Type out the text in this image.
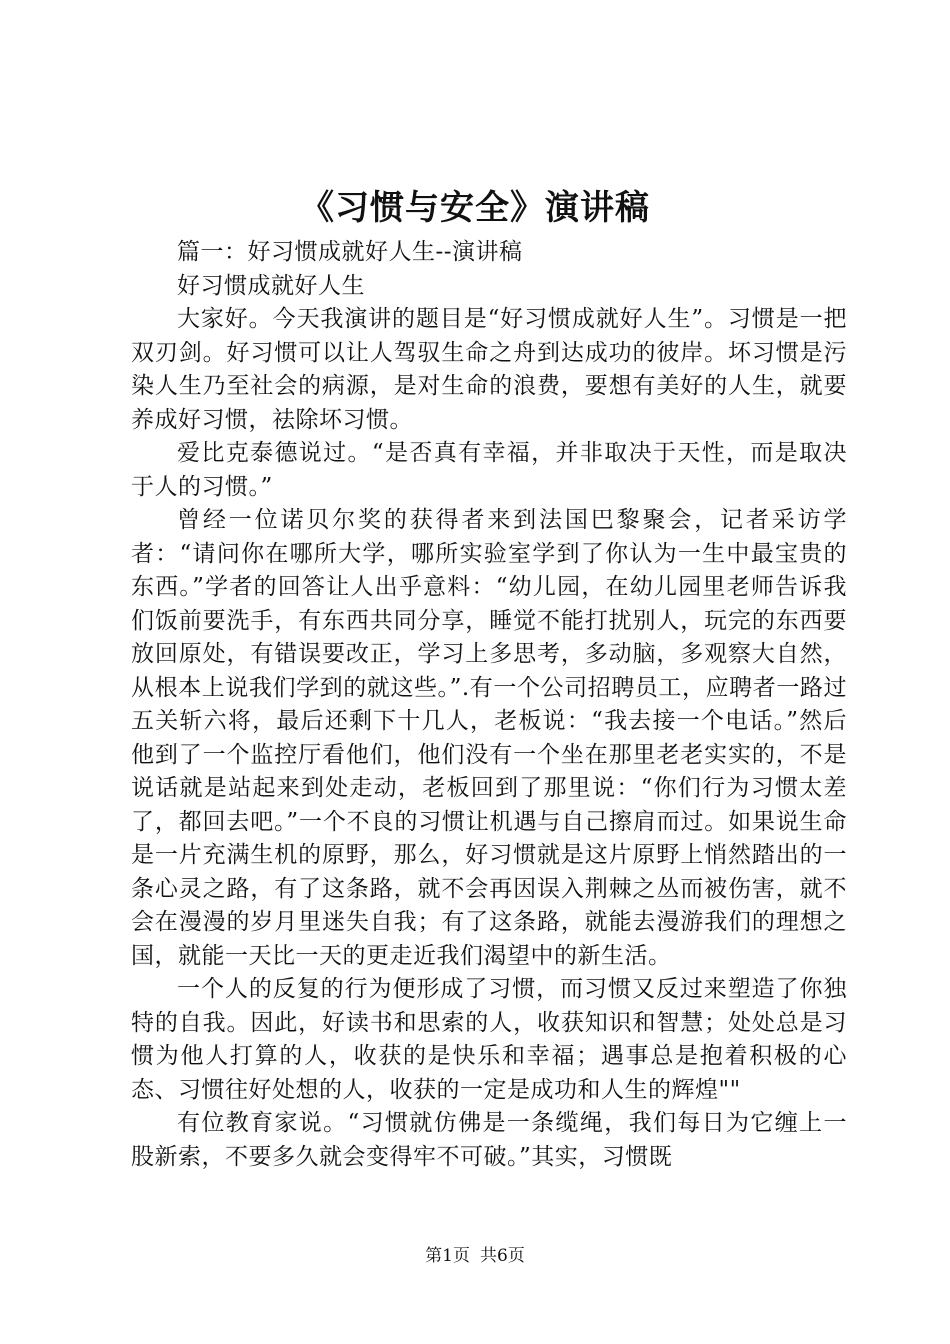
《习惯与安全》演讲稿

篇一：好习惯成就好人生--演讲稿

好习惯成就好人生

大家好。今天我演讲的题目是“好习惯成就好人生”。习惯是一把双刃剑。好习惯可以让人驾驭生命之舟到达成功的彼岸。坏习惯是污染人生乃至社会的病源，是对生命的浪费，要想有美好的人生，就要养成好习惯，祛除坏习惯。

爱比克泰德说过。“是否真有幸福，并非取决于天性，而是取决于人的习惯。”

曾经一位诺贝尔奖的获得者来到法国巴黎聚会，记者采访学者：“请问你在哪所大学，哪所实验室学到了你认为一生中最宝贵的东西。”学者的回答让人出乎意料：“幼儿园，在幼儿园里老师告诉我们饭前要洗手，有东西共同分享，睡觉不能打扰别人，玩完的东西要放回原处，有错误要改正，学习上多思考，多动脑，多观察大自然，从根本上说我们学到的就这些。”.有一个公司招聘员工，应聘者一路过五关斩六将，最后还剩下十几人，老板说：“我去接一个电话。”然后他到了一个监控厅看他们，他们没有一个坐在那里老老实实的，不是说话就是站起来到处走动，老板回到了那里说：“你们行为习惯太差了，都回去吧。”一个不良的习惯让机遇与自己擦肩而过。如果说生命是一片充满生机的原野，那么，好习惯就是这片原野上悄然踏出的一条心灵之路，有了这条路，就不会再因误入荆棘之丛而被伤害，就不会在漫漫的岁月里迷失自我；有了这条路，就能去漫游我们的理想之国，就能一天比一天的更走近我们渴望中的新生活。

一个人的反复的行为便形成了习惯，而习惯又反过来塑造了你独特的自我。因此，好读书和思索的人，收获知识和智慧；处处总是习惯为他人打算的人，收获的是快乐和幸福；遇事总是抱着积极的心态、习惯往好处想的人，收获的一定是成功和人生的辉煌""

有位教育家说。“习惯就仿佛是一条缆绳，我们每日为它缠上一股新索，不要多久就会变得牢不可破。”其实，习惯既

第1页 共6页
